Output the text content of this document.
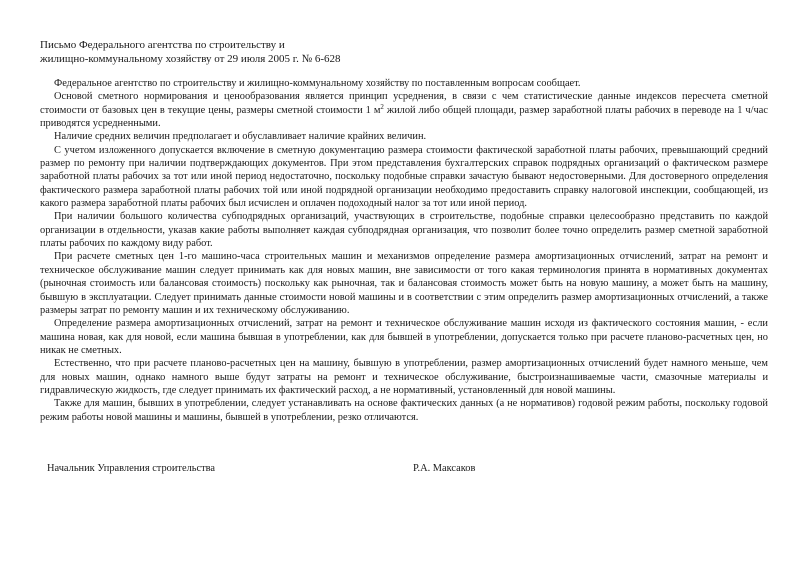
Письмо Федерального агентства по строительству и
жилищно-коммунальному хозяйству от 29 июля 2005 г. № 6-628

Федеральное агентство по строительству и жилищно-коммунальному хозяйству по поставленным вопросам сообщает.

Основой сметного нормирования и ценообразования является принцип усреднения, в связи с чем статистические данные индексов пересчета сметной стоимости от базовых цен в текущие цены, размеры сметной стоимости 1 $м^2$ жилой либо общей площади, размер заработной платы рабочих в переводе на 1 ч/час приводятся усредненными.

Наличие средних величин предполагает и обуславливает наличие крайних величин.

С учетом изложенного допускается включение в сметную документацию размера стоимости фактической заработной платы рабочих, превышающий средний размер по ремонту при наличии подтверждающих документов. При этом представления бухгалтерских справок подрядных организаций о фактическом размере заработной платы рабочих за тот или иной период недостаточно, поскольку подобные справки зачастую бывают недостоверными. Для достоверного определения фактического размера заработной платы рабочих той или иной подрядной организации необходимо предоставить справку налоговой инспекции, сообщающей, из какого размера заработной платы рабочих был исчислен и оплачен подоходный налог за тот или иной период.

При наличии большого количества субподрядных организаций, участвующих в строительстве, подобные справки целесообразно представить по каждой организации в отдельности, указав какие работы выполняет каждая субподрядная организация, что позволит более точно определить размер сметной заработной платы рабочих по каждому виду работ.

При расчете сметных цен 1-го машино-часа строительных машин и механизмов определение размера амортизационных отчислений, затрат на ремонт и техническое обслуживание машин следует принимать как для новых машин, вне зависимости от того какая терминология принята в нормативных документах (рыночная стоимость или балансовая стоимость) поскольку как рыночная, так и балансовая стоимость может быть на новую машину, а может быть на машину, бывшую в эксплуатации. Следует принимать данные стоимости новой машины и в соответствии с этим определить размер амортизационных отчислений, а также размеры затрат по ремонту машин и их техническому обслуживанию.

Определение размера амортизационных отчислений, затрат на ремонт и техническое обслуживание машин исходя из фактического состояния машин, - если машина новая, как для новой, если машина бывшая в употреблении, как для бывшей в употреблении, допускается только при расчете планово-расчетных цен, но никак не сметных.

Естественно, что при расчете планово-расчетных цен на машину, бывшую в употреблении, размер амортизационных отчислений будет намного меньше, чем для новых машин, однако намного выше будут затраты на ремонт и техническое обслуживание, быстроизнашиваемые части, смазочные материалы и гидравлическую жидкость, где следует принимать их фактический расход, а не нормативный, установленный для новой машины.

Также для машин, бывших в употреблении, следует устанавливать на основе фактических данных (а не нормативов) годовой режим работы, поскольку годовой режим работы новой машины и машины, бывшей в употреблении, резко отличаются.

Начальник Управления строительства	Р.А. Максаков
